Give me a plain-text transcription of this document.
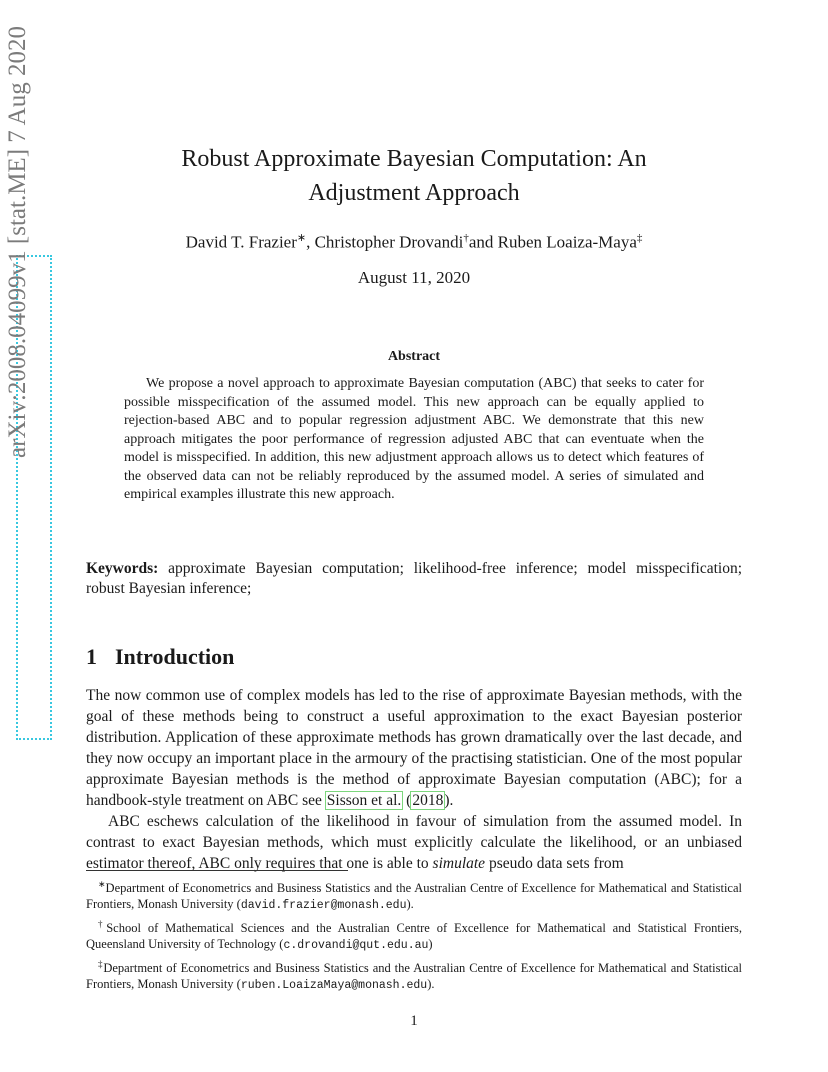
arXiv:2008.04099v1 [stat.ME] 7 Aug 2020	Robust Approximate Bayesian Computation: An
Adjustment Approach
David T. Frazier∗, Christopher Drovandi†and Ruben Loaiza-Maya‡
August 11, 2020
Abstract
We propose a novel approach to approximate Bayesian computation (ABC) that seeks to cater for possible misspecification of the assumed model. This new approach can be equally applied to rejection-based ABC and to popular regression adjustment ABC. We demonstrate that this new approach mitigates the poor performance of regression adjusted ABC that can eventuate when the model is misspecified. In addition, this new adjustment approach allows us to detect which features of the observed data can not be reliably reproduced by the assumed model. A series of simulated and empirical examples illustrate this new approach.
Keywords: approximate Bayesian computation; likelihood-free inference; model misspecification; robust Bayesian inference;
1 Introduction

The now common use of complex models has led to the rise of approximate Bayesian methods, with the goal of these methods being to construct a useful approximation to the exact Bayesian posterior distribution. Application of these approximate methods has grown dramatically over the last decade, and they now occupy an important place in the armoury of the practising statistician. One of the most popular approximate Bayesian methods is the method of approximate Bayesian computation (ABC); for a handbook-style treatment on ABC see Sisson et al. (2018).

ABC eschews calculation of the likelihood in favour of simulation from the assumed model. In contrast to exact Bayesian methods, which must explicitly calculate the likelihood, or an unbiased estimator thereof, ABC only requires that one is able to simulate pseudo data sets from

∗Department of Econometrics and Business Statistics and the Australian Centre of Excellence for Mathematical and Statistical Frontiers, Monash University (david.frazier@monash.edu).

†School of Mathematical Sciences and the Australian Centre of Excellence for Mathematical and Statistical Frontiers, Queensland University of Technology (c.drovandi@qut.edu.au)

‡Department of Econometrics and Business Statistics and the Australian Centre of Excellence for Mathematical and Statistical Frontiers, Monash University (ruben.LoaizaMaya@monash.edu).

1
